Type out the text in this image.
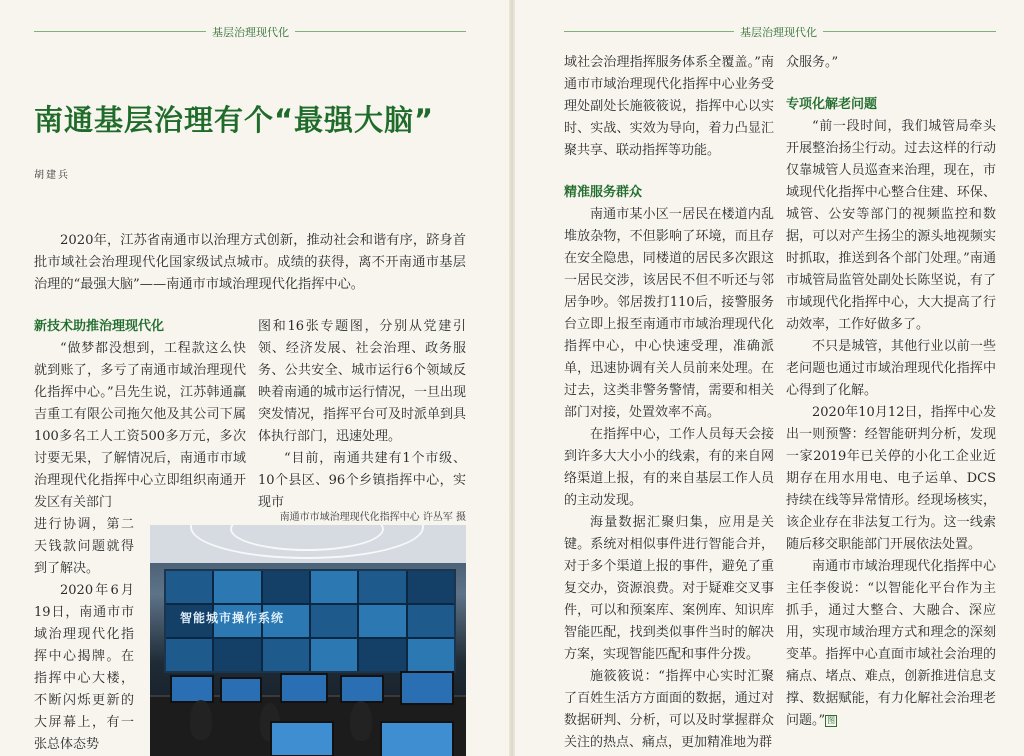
基层治理现代化
南通基层治理有个“最强大脑”
胡建兵
2020年，江苏省南通市以治理方式创新，推动社会和谐有序，跻身首批市域社会治理现代化国家级试点城市。成绩的获得，离不开南通市基层治理的“最强大脑”——南通市市域治理现代化指挥中心。
新技术助推治理现代化

“做梦都没想到，工程款这么快就到账了，多亏了南通市域治理现代化指挥中心。”吕先生说，江苏韩通赢吉重工有限公司拖欠他及其公司下属100多名工人工资500多万元，多次讨要无果，了解情况后，南通市市域治理现代化指挥中心立即组织南通开发区有关部门

进行协调，第二天钱款问题就得到了解决。

2020年6月19日，南通市市域治理现代化指挥中心揭牌。在指挥中心大楼，不断闪烁更新的大屏幕上，有一张总体态势

图和16张专题图，分别从党建引领、经济发展、社会治理、政务服务、公共安全、城市运行6个领域反映着南通的城市运行情况，一旦出现突发情况，指挥平台可及时派单到具体执行部门，迅速处理。

“目前，南通共建有1个市级、10个县区、96个乡镇指挥中心，实现市

南通市市域治理现代化指挥中心 许丛军 摄
智能城市操作系统
基层治理现代化

域社会治理指挥服务体系全覆盖。”南通市市域治理现代化指挥中心业务受理处副处长施筱筱说，指挥中心以实时、实战、实效为导向，着力凸显汇聚共享、联动指挥等功能。

精准服务群众

南通市某小区一居民在楼道内乱堆放杂物，不但影响了环境，而且存在安全隐患，同楼道的居民多次跟这一居民交涉，该居民不但不听还与邻居争吵。邻居拨打110后，接警服务台立即上报至南通市市域治理现代化指挥中心，中心快速受理，准确派单，迅速协调有关人员前来处理。在过去，这类非警务警情，需要和相关部门对接，处置效率不高。

在指挥中心，工作人员每天会接到许多大大小小的线索，有的来自网络渠道上报，有的来自基层工作人员的主动发现。

海量数据汇聚归集，应用是关键。系统对相似事件进行智能合并，对于多个渠道上报的事件，避免了重复交办，资源浪费。对于疑难交叉事件，可以和预案库、案例库、知识库智能匹配，找到类似事件当时的解决方案，实现智能匹配和事件分拨。

施筱筱说：“指挥中心实时汇聚了百姓生活方方面面的数据，通过对数据研判、分析，可以及时掌握群众关注的热点、痛点，更加精准地为群

众服务。”

专项化解老问题

“前一段时间，我们城管局牵头开展整治扬尘行动。过去这样的行动仅靠城管人员巡查来治理，现在，市域现代化指挥中心整合住建、环保、城管、公安等部门的视频监控和数据，可以对产生扬尘的源头地视频实时抓取，推送到各个部门处理。”南通市城管局监管处副处长陈坚说，有了市域现代化指挥中心，大大提高了行动效率，工作好做多了。

不只是城管，其他行业以前一些老问题也通过市域治理现代化指挥中心得到了化解。

2020年10月12日，指挥中心发出一则预警：经智能研判分析，发现一家2019年已关停的小化工企业近期存在用水用电、电子运单、DCS持续在线等异常情形。经现场核实，该企业存在非法复工行为。这一线索随后移交职能部门开展依法处置。

南通市市域治理现代化指挥中心主任李俊说：“以智能化平台作为主抓手，通过大整合、大融合、深应用，实现市域治理方式和理念的深刻变革。指挥中心直面市域社会治理的痛点、堵点、难点，创新推进信息支撑、数据赋能，有力化解社会治理老问题。” 图
